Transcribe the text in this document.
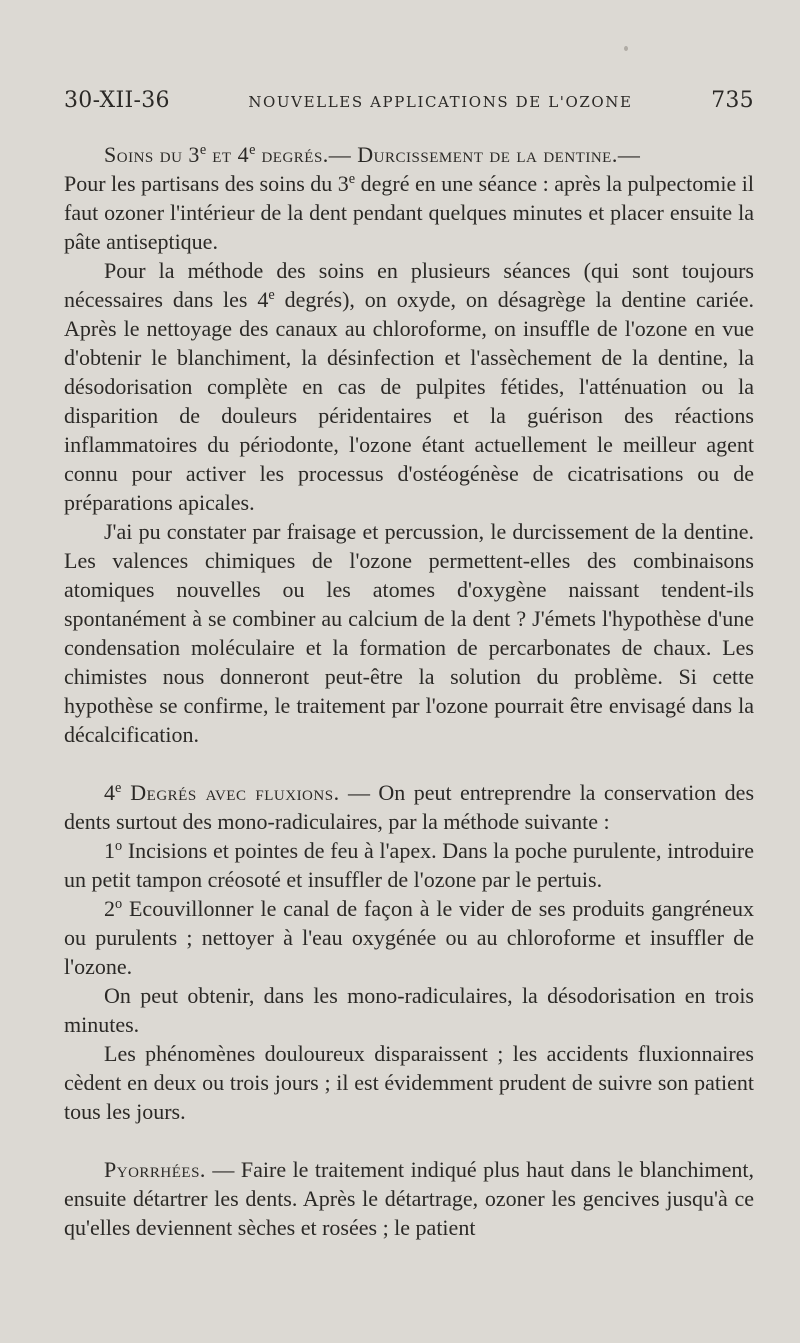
30-XII-36	NOUVELLES APPLICATIONS DE L'OZONE	735

Soins du 3e et 4e degrés.— Durcissement de la dentine.—
Pour les partisans des soins du 3e degré en une séance : après la pulpectomie il faut ozoner l'intérieur de la dent pendant quelques minutes et placer ensuite la pâte antiseptique.

Pour la méthode des soins en plusieurs séances (qui sont toujours nécessaires dans les 4e degrés), on oxyde, on désagrège la dentine cariée. Après le nettoyage des canaux au chloroforme, on insuffle de l'ozone en vue d'obtenir le blanchiment, la désinfection et l'assèchement de la dentine, la désodorisation complète en cas de pulpites fétides, l'atténuation ou la disparition de douleurs péridentaires et la guérison des réactions inflammatoires du périodonte, l'ozone étant actuellement le meilleur agent connu pour activer les processus d'ostéogénèse de cicatrisations ou de préparations apicales.

J'ai pu constater par fraisage et percussion, le durcissement de la dentine. Les valences chimiques de l'ozone permettent-elles des combinaisons atomiques nouvelles ou les atomes d'oxygène naissant tendent-ils spontanément à se combiner au calcium de la dent ? J'émets l'hypothèse d'une condensation moléculaire et la formation de percarbonates de chaux. Les chimistes nous donneront peut-être la solution du problème. Si cette hypothèse se confirme, le traitement par l'ozone pourrait être envisagé dans la décalcification.

4e Degrés avec fluxions. — On peut entreprendre la conservation des dents surtout des mono-radiculaires, par la méthode suivante :

1$^o$ Incisions et pointes de feu à l'apex. Dans la poche purulente, introduire un petit tampon créosoté et insuffler de l'ozone par le pertuis.

2$^o$ Ecouvillonner le canal de façon à le vider de ses produits gangréneux ou purulents ; nettoyer à l'eau oxygénée ou au chloroforme et insuffler de l'ozone.

On peut obtenir, dans les mono-radiculaires, la désodorisation en trois minutes.

Les phénomènes douloureux disparaissent ; les accidents fluxionnaires cèdent en deux ou trois jours ; il est évidemment prudent de suivre son patient tous les jours.

Pyorrhées. — Faire le traitement indiqué plus haut dans le blanchiment, ensuite détartrer les dents. Après le détartrage, ozoner les gencives jusqu'à ce qu'elles deviennent sèches et rosées ; le patient
